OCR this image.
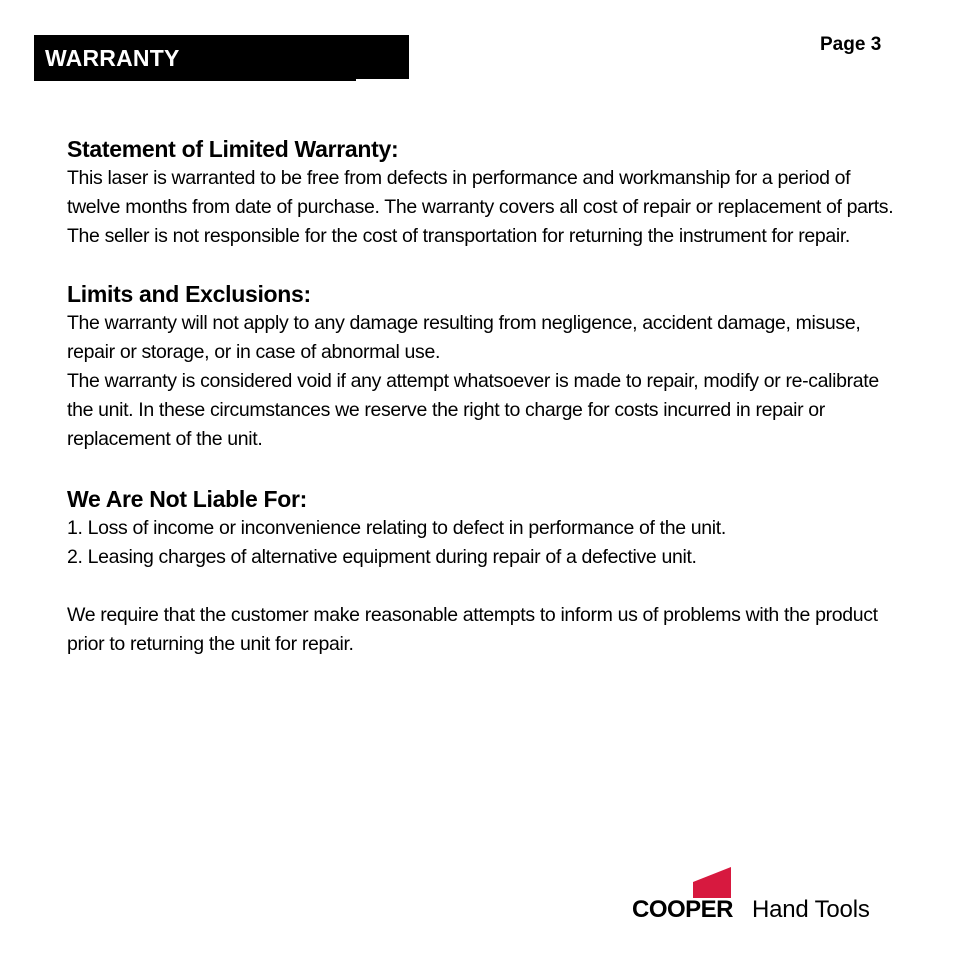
WARRANTY
Page 3
Statement of Limited Warranty:

This laser is warranted to be free from defects in performance and workmanship for a period of twelve months from date of purchase. The warranty covers all cost of repair or replacement of parts. The seller is not responsible for the cost of transportation for returning the instrument for repair.

Limits and Exclusions:

The warranty will not apply to any damage resulting from negligence, accident damage, misuse, repair or storage, or in case of abnormal use.

The warranty is considered void if any attempt whatsoever is made to repair, modify or re-calibrate the unit. In these circumstances we reserve the right to charge for costs incurred in repair or replacement of the unit.

We Are Not Liable For:

1. Loss of income or inconvenience relating to defect in performance of the unit.

2. Leasing charges of alternative equipment during repair of a defective unit.

We require that the customer make reasonable attempts to inform us of problems with the product prior to returning the unit for repair.

COOPER Hand Tools
